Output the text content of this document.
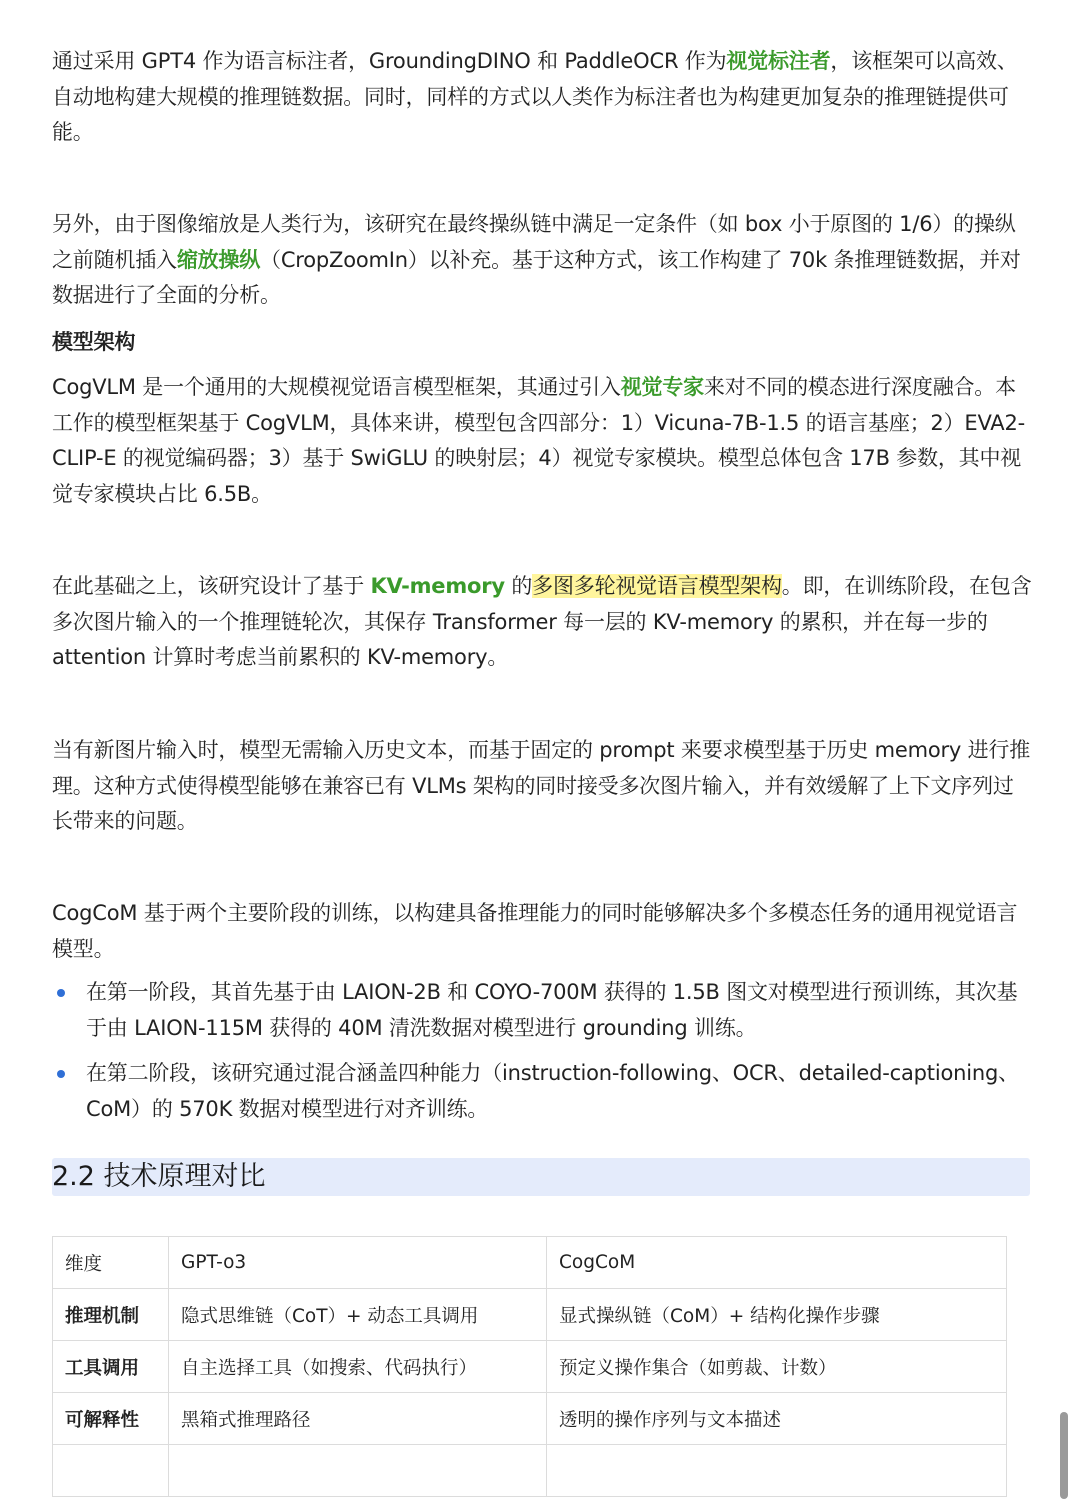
通过采用 GPT4 作为语言标注者，GroundingDINO 和 PaddleOCR 作为视觉标注者，该框架可以高效、自动地构建大规模的推理链数据。同时，同样的方式以人类作为标注者也为构建更加复杂的推理链提供可能。

另外，由于图像缩放是人类行为，该研究在最终操纵链中满足一定条件（如 box 小于原图的 1/6）的操纵之前随机插入缩放操纵（CropZoomIn）以补充。基于这种方式，该工作构建了 70k 条推理链数据，并对数据进行了全面的分析。

模型架构

CogVLM 是一个通用的大规模视觉语言模型框架，其通过引入视觉专家来对不同的模态进行深度融合。本工作的模型框架基于 CogVLM，具体来讲，模型包含四部分：1）Vicuna-7B-1.5 的语言基座；2）EVA2-CLIP-E 的视觉编码器；3）基于 SwiGLU 的映射层；4）视觉专家模块。模型总体包含 17B 参数，其中视觉专家模块占比 6.5B。

在此基础之上，该研究设计了基于 KV-memory 的多图多轮视觉语言模型架构。即，在训练阶段，在包含多次图片输入的一个推理链轮次，其保存 Transformer 每一层的 KV-memory 的累积，并在每一步的 attention 计算时考虑当前累积的 KV-memory。

当有新图片输入时，模型无需输入历史文本，而基于固定的 prompt 来要求模型基于历史 memory 进行推理。这种方式使得模型能够在兼容已有 VLMs 架构的同时接受多次图片输入，并有效缓解了上下文序列过长带来的问题。

CogCoM 基于两个主要阶段的训练，以构建具备推理能力的同时能够解决多个多模态任务的通用视觉语言模型。

在第一阶段，其首先基于由 LAION-2B 和 COYO-700M 获得的 1.5B 图文对模型进行预训练，其次基于由 LAION-115M 获得的 40M 清洗数据对模型进行 grounding 训练。
在第二阶段，该研究通过混合涵盖四种能力（instruction-following、OCR、detailed-captioning、CoM）的 570K 数据对模型进行对齐训练。
2.2 技术原理对比
维度	GPT-o3	CogCoM
推理机制	隐式思维链（CoT）+ 动态工具调用	显式操纵链（CoM）+ 结构化操作步骤
工具调用	自主选择工具（如搜索、代码执行）	预定义操作集合（如剪裁、计数）
可解释性	黑箱式推理路径	透明的操作序列与文本描述
